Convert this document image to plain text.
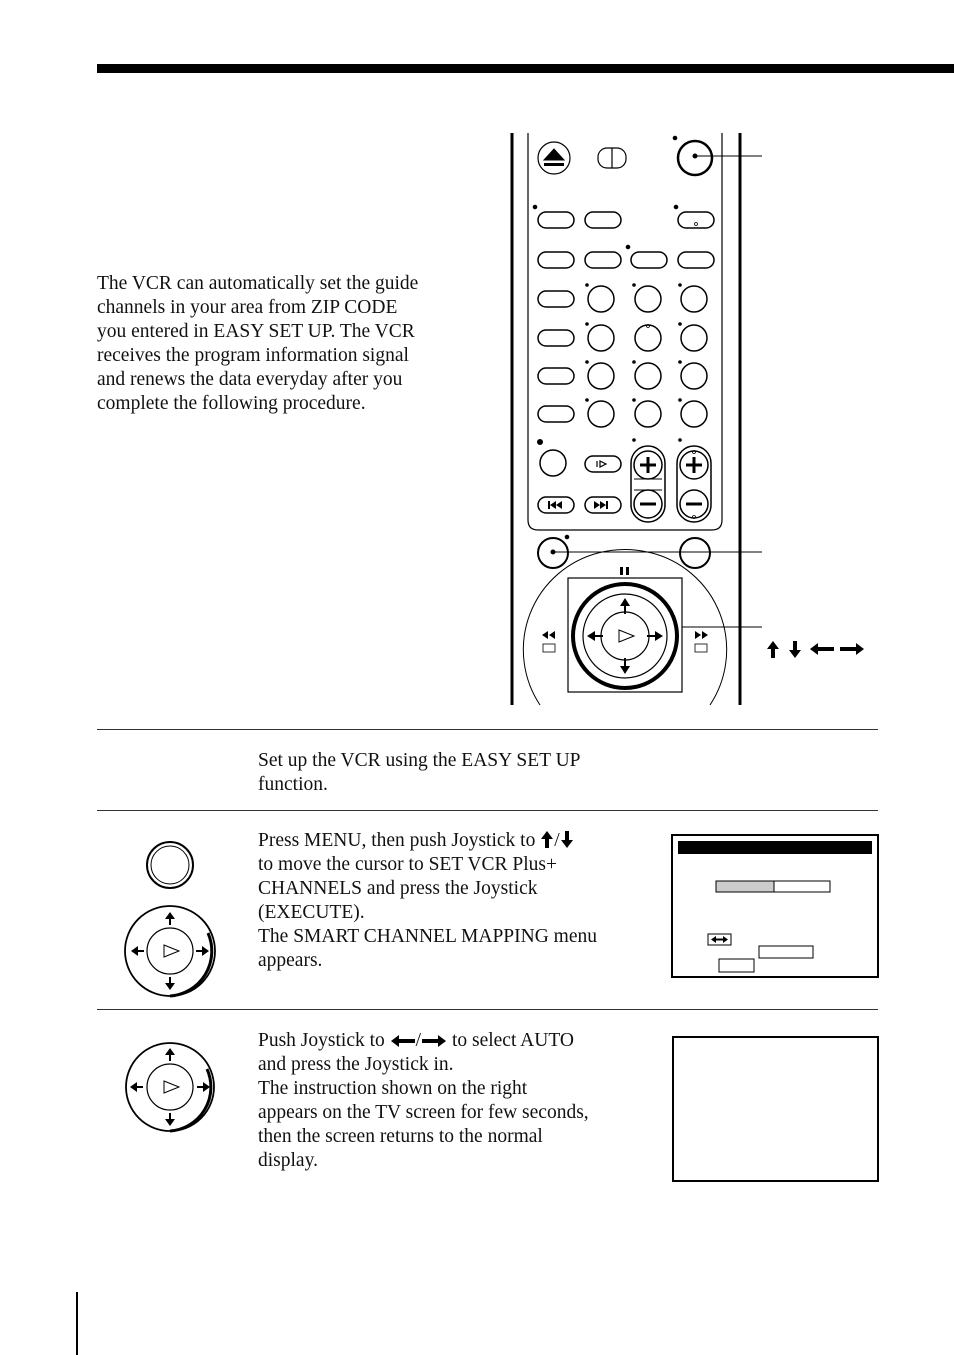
The VCR can automatically set the guide
channels in your area from ZIP CODE
you entered in EASY SET UP. The VCR
receives the program information signal
and renews the data everyday after you
complete the following procedure.

Set up the VCR using the EASY SET UP
function.

Press MENU, then push Joystick to /
to move the cursor to SET VCR Plus+
CHANNELS and press the Joystick
(EXECUTE).
The SMART CHANNEL MAPPING menu
appears.

Push Joystick to / to select AUTO
and press the Joystick in.
The instruction shown on the right
appears on the TV screen for few seconds,
then the screen returns to the normal
display.
